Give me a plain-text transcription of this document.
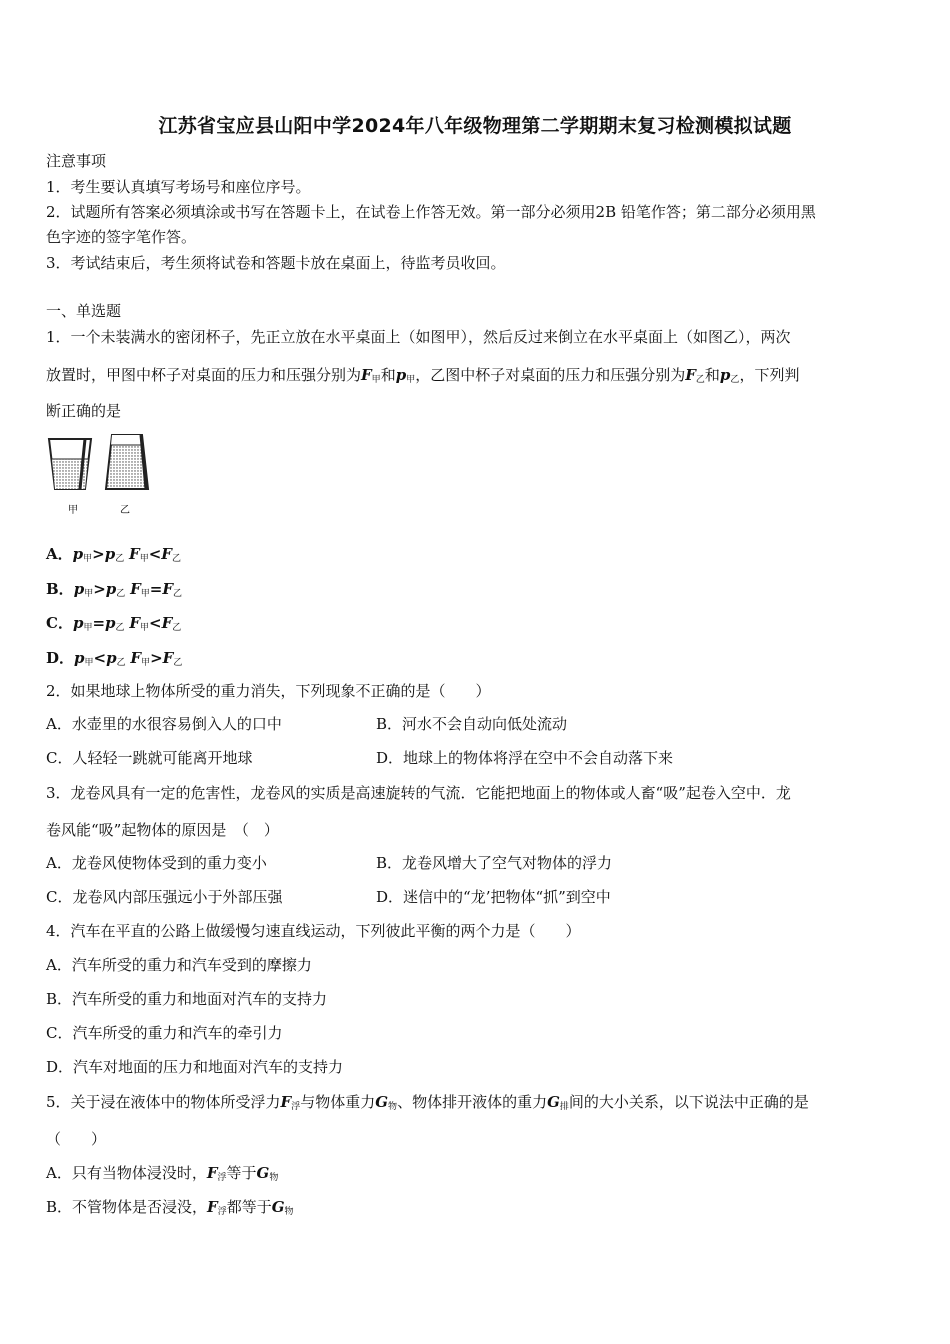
江苏省宝应县山阳中学2024年八年级物理第二学期期末复习检测模拟试题
注意事项
1．考生要认真填写考场号和座位序号。
2．试题所有答案必须填涂或书写在答题卡上，在试卷上作答无效。第一部分必须用2B 铅笔作答；第二部分必须用黑
色字迹的签字笔作答。
3．考试结束后，考生须将试卷和答题卡放在桌面上，待监考员收回。
一、单选题
1．一个未装满水的密闭杯子，先正立放在水平桌面上（如图甲），然后反过来倒立在水平桌面上（如图乙），两次
放置时，甲图中杯子对桌面的压力和压强分别为F甲和p甲，乙图中杯子对桌面的压力和压强分别为F乙和p乙，下列判
断正确的是
甲	乙
A．p甲>p乙 F甲<F乙
B．p甲>p乙 F甲=F乙
C．p甲=p乙 F甲<F乙
D．p甲<p乙 F甲>F乙
2．如果地球上物体所受的重力消失，下列现象不正确的是（　　）
A．水壶里的水很容易倒入人的口中	B．河水不会自动向低处流动
C．人轻轻一跳就可能离开地球	D．地球上的物体将浮在空中不会自动落下来
3．龙卷风具有一定的危害性，龙卷风的实质是高速旋转的气流．它能把地面上的物体或人畜“吸”起卷入空中．龙
卷风能“吸”起物体的原因是　（　）
A．龙卷风使物体受到的重力变小	B．龙卷风增大了空气对物体的浮力
C．龙卷风内部压强远小于外部压强	D．迷信中的“龙’把物体“抓”到空中
4．汽车在平直的公路上做缓慢匀速直线运动，下列彼此平衡的两个力是（　　）
A．汽车所受的重力和汽车受到的摩擦力
B．汽车所受的重力和地面对汽车的支持力
C．汽车所受的重力和汽车的牵引力
D．汽车对地面的压力和地面对汽车的支持力
5．关于浸在液体中的物体所受浮力F浮与物体重力G物、物体排开液体的重力G排间的大小关系，以下说法中正确的是
（　　）
A．只有当物体浸没时，F浮等于G物
B．不管物体是否浸没，F浮都等于G物
